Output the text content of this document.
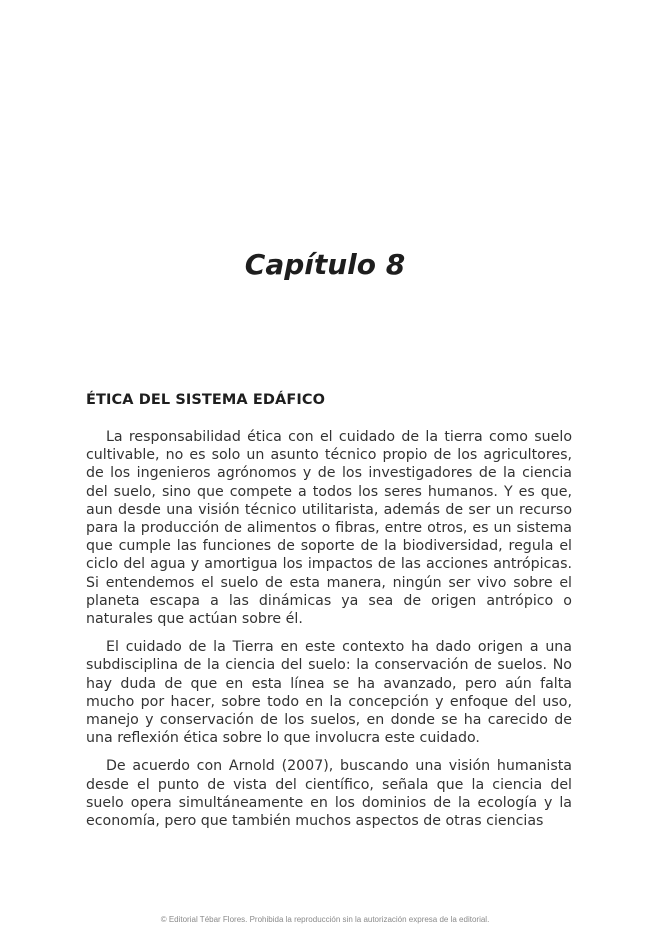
Capítulo 8
ÉTICA DEL SISTEMA EDÁFICO

La responsabilidad ética con el cuidado de la tierra como suelo cultivable, no es solo un asunto técnico propio de los agricultores, de los ingenieros agrónomos y de los investigadores de la ciencia del suelo, sino que compete a todos los seres humanos. Y es que, aun desde una visión técnico utilitarista, además de ser un recurso para la producción de alimentos o fibras, entre otros, es un sistema que cumple las funciones de soporte de la biodiversidad, regula el ciclo del agua y amortigua los impactos de las acciones antrópicas. Si entendemos el suelo de esta manera, ningún ser vivo sobre el planeta escapa a las dinámicas ya sea de origen antrópico o naturales que actúan sobre él.

El cuidado de la Tierra en este contexto ha dado origen a una subdisciplina de la ciencia del suelo: la conservación de suelos. No hay duda de que en esta línea se ha avanzado, pero aún falta mucho por hacer, sobre todo en la concepción y enfoque del uso, manejo y conservación de los suelos, en donde se ha carecido de una reflexión ética sobre lo que involucra este cuidado.

De acuerdo con Arnold (2007), buscando una visión humanista desde el punto de vista del científico, señala que la ciencia del suelo opera simultáneamente en los dominios de la ecología y la economía, pero que también muchos aspectos de otras ciencias

© Editorial Tébar Flores. Prohibida la reproducción sin la autorización expresa de la editorial.
